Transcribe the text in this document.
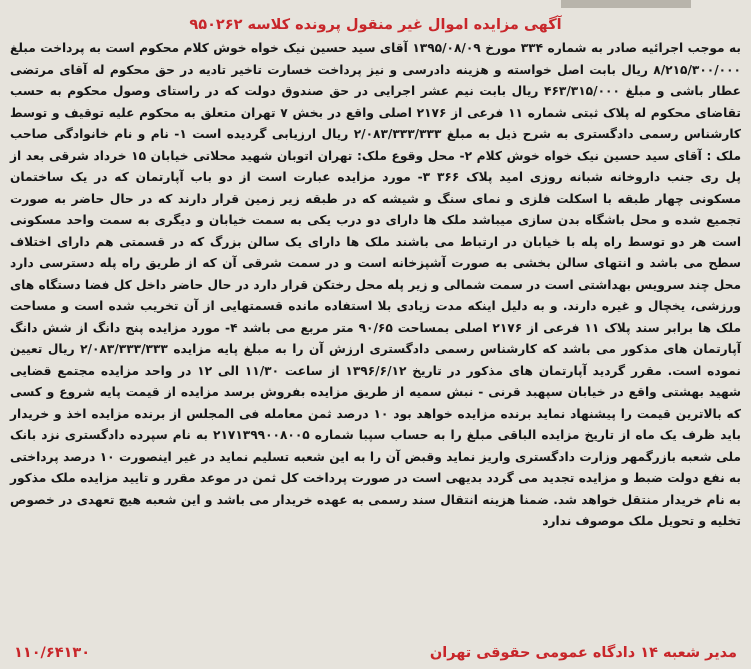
آگهی مزایده اموال غیر منقول پرونده کلاسه ۹۵۰۲۶۲
به موجب اجرائیه صادر به شماره ۳۳۴ مورخ ۱۳۹۵/۰۸/۰۹ آقای سید حسین نیک خواه خوش کلام محکوم است به پرداخت مبلغ ۸/۲۱۵/۳۰۰/۰۰۰ ریال بابت اصل خواسته و هزینه دادرسی و نیز پرداخت خسارت تاخیر تادیه در حق محکوم له آقای مرتضی عطار باشی و مبلغ ۴۶۳/۳۱۵/۰۰۰ ریال بابت نیم عشر اجرایی در حق صندوق دولت که در راستای وصول محکوم به حسب تقاضای محکوم له پلاک ثبتی شماره ۱۱ فرعی از ۲۱۷۶ اصلی واقع در بخش ۷ تهران متعلق به محکوم علیه توقیف و توسط کارشناس رسمی دادگستری به شرح ذیل به مبلغ ۲/۰۸۳/۳۳۳/۳۳۳ ریال ارزیابی گردیده است ۱- نام و نام خانوادگی صاحب ملک : آقای سید حسین نیک خواه خوش کلام ۲- محل وقوع ملک: تهران اتوبان شهید محلاتی خیابان ۱۵ خرداد شرقی بعد از پل ری جنب داروخانه شبانه روزی امید پلاک ۳۶۶ ۳- مورد مزایده عبارت است از دو باب آپارتمان که در یک ساختمان مسکونی چهار طبقه با اسکلت فلزی و نمای سنگ و شیشه که در طبقه زیر زمین قرار دارند که در حال حاضر به صورت تجمیع شده و محل باشگاه بدن سازی میباشد ملک ها دارای دو درب یکی به سمت خیابان و دیگری به سمت واحد مسکونی است هر دو توسط راه پله با خیابان در ارتباط می باشند ملک ها دارای یک سالن بزرگ که در قسمتی هم دارای اختلاف سطح می باشد و انتهای سالن بخشی به صورت آشپزخانه است و در سمت شرقی آن که از طریق راه پله دسترسی دارد محل چند سرویس بهداشتی است در سمت شمالی و زیر پله محل رختکن قرار دارد در حال حاضر داخل کل فضا دستگاه های ورزشی، یخچال و غیره دارند. و به دلیل اینکه مدت زیادی بلا استفاده مانده قسمتهایی از آن تخریب شده است و مساحت ملک ها برابر سند پلاک ۱۱ فرعی از ۲۱۷۶ اصلی بمساحت ۹۰/۶۵ متر مربع می باشد ۴- مورد مزایده پنج دانگ از شش دانگ آپارتمان های مذکور می باشد که کارشناس رسمی دادگستری ارزش آن را به مبلغ پایه مزایده ۲/۰۸۳/۳۳۳/۳۳۳ ریال تعیین نموده است. مقرر گردید آپارتمان های مذکور در تاریخ ۱۳۹۶/۶/۱۲ از ساعت ۱۱/۳۰ الی ۱۲ در واحد مزایده مجتمع قضایی شهید بهشتی واقع در خیابان سپهبد قرنی - نبش سمیه از طریق مزایده بفروش برسد مزایده از قیمت پایه شروع و کسی که بالاترین قیمت را پیشنهاد نماید برنده مزایده خواهد بود ۱۰ درصد ثمن معامله فی المجلس از برنده مزایده اخذ و خریدار باید ظرف یک ماه از تاریخ مزایده الباقی مبلغ را به حساب سپبا شماره ۲۱۷۱۳۹۹۰۰۸۰۰۵ به نام سپرده دادگستری نزد بانک ملی شعبه بازرگمهر وزارت دادگستری واریز نماید وقبض آن را به این شعبه تسلیم نماید در غیر اینصورت ۱۰ درصد پرداختی به نفع دولت ضبط و مزایده تجدید می گردد بدیهی است در صورت پرداخت کل ثمن در موعد مقرر و تایید مزایده ملک مذکور به نام خریدار منتقل خواهد شد. ضمنا هزینه انتقال سند رسمی به عهده خریدار می باشد و این شعبه هیچ تعهدی در خصوص تخلیه و تحویل ملک موصوف ندارد
مدیر شعبه ۱۴ دادگاه عمومی حقوقی تهران
۱۱۰/۶۴۱۳۰
